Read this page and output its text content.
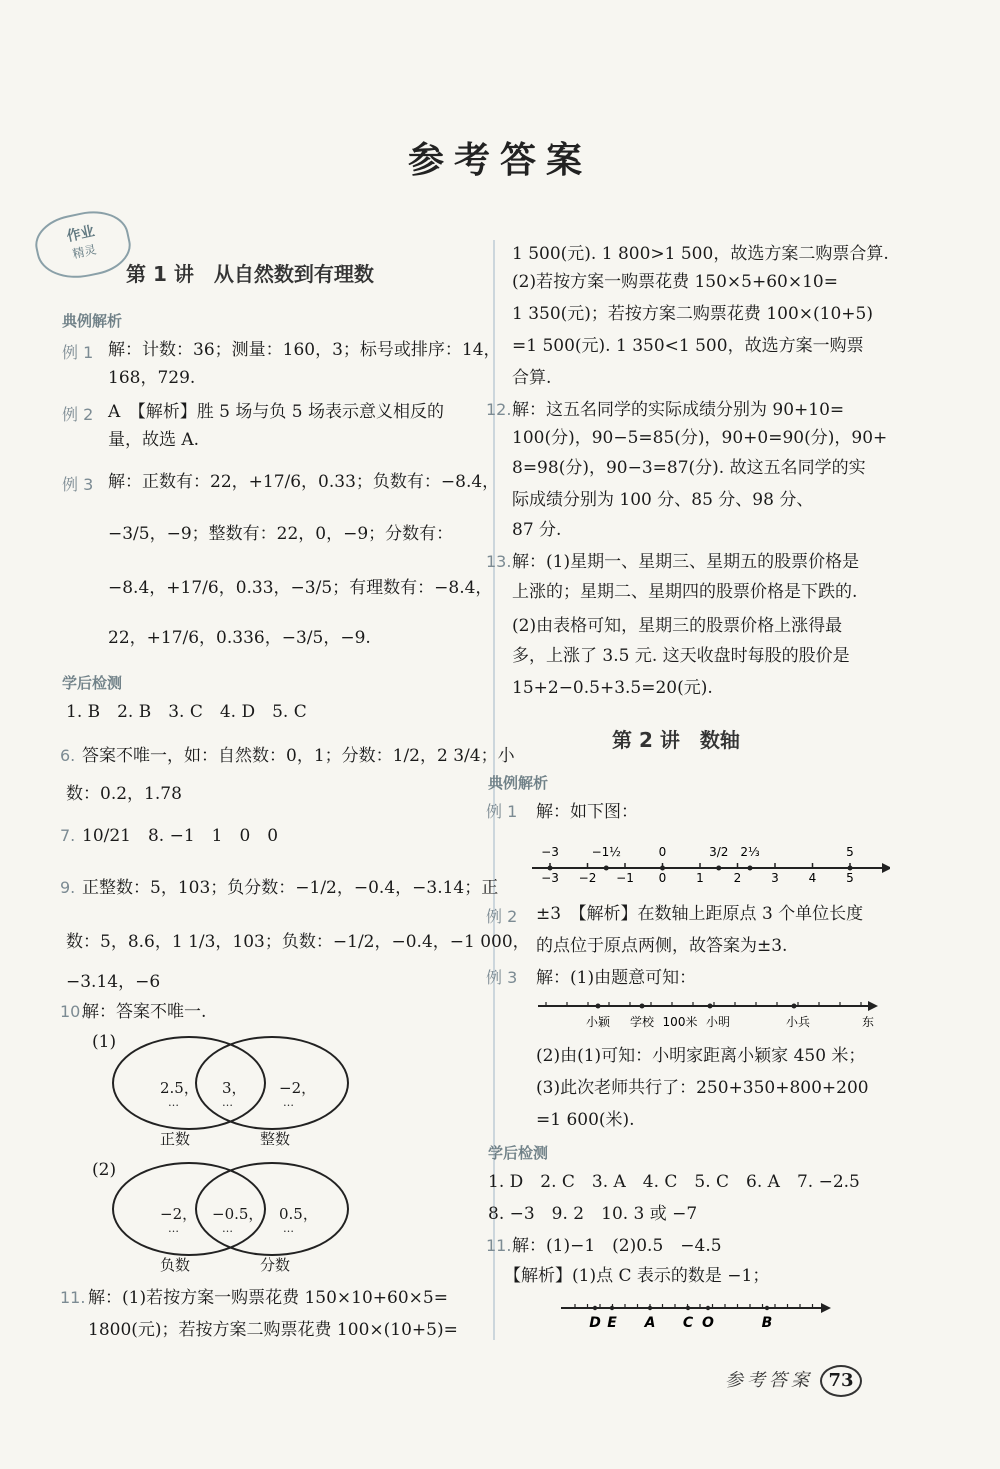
参考答案
作业
精灵
第 1 讲　从自然数到有理数
典例解析
例 1 解：计数：36；测量：160，3；标号或排序：14，
168，729.
例 2 A　【解析】胜 5 场与负 5 场表示意义相反的
量，故选 A.
例 3 解：正数有：22，+17/6，0.33；负数有：−8.4，
−3/5，−9；整数有：22，0，−9；分数有：
−8.4，+17/6，0.33，−3/5；有理数有：−8.4，
22，+17/6，0.336，−3/5，−9.
学后检测
1. B　2. B　3. C　4. D　5. C
6. 答案不唯一，如：自然数：0，1；分数：1/2，2 3/4；小
数：0.2，1.78
7. 10/21　8. −1　1　0　0
9. 正整数：5，103；负分数：−1/2，−0.4，−3.14；正
数：5，8.6，1 1/3，103；负数：−1/2，−0.4，−1 000，
−3.14，−6
10.
解：答案不唯一.
(1)
2.5，
…
3，
…
−2，
…
正数	整数
(2)
−2，
…
−0.5，
…
0.5，
…
负数	分数
11. 解：(1)若按方案一购票花费 150×10+60×5=
1800(元)；若按方案二购票花费 100×(10+5)=
1 500(元). 1 800>1 500，故选方案二购票合算.
(2)若按方案一购票花费 150×5+60×10=
1 350(元)；若按方案二购票花费 100×(10+5)
=1 500(元). 1 350<1 500，故选方案一购票
合算.
12. 解：这五名同学的实际成绩分别为 90+10=
100(分)，90−5=85(分)，90+0=90(分)，90+
8=98(分)，90−3=87(分). 故这五名同学的实
际成绩分别为 100 分、85 分、98 分、
87 分.
13. 解：(1)星期一、星期三、星期五的股票价格是
上涨的；星期二、星期四的股票价格是下跌的.
(2)由表格可知，星期三的股票价格上涨得最
多，上涨了 3.5 元. 这天收盘时每股的股价是
15+2−0.5+3.5=20(元).
第 2 讲　数轴
典例解析
例 1 解：如下图：
−3 −2 −1 0 1 2 3 4 5
−3	−1½	0	3/2 2⅓	5
例 2 ±3　【解析】在数轴上距原点 3 个单位长度
的点位于原点两侧，故答案为±3.
例 3 解：(1)由题意可知：
小颖 学校 100米 小明	小兵	东
(2)由(1)可知：小明家距离小颖家 450 米；
(3)此次老师共行了：250+350+800+200
=1 600(米).
学后检测
1. D　2. C　3. A　4. C　5. C　6. A　7. −2.5
8. −3　9. 2　10. 3 或 −7
11. 解：(1)−1　(2)0.5　−4.5
【解析】(1)点 C 表示的数是 −1；
D E A C O	B
参考答案 73
